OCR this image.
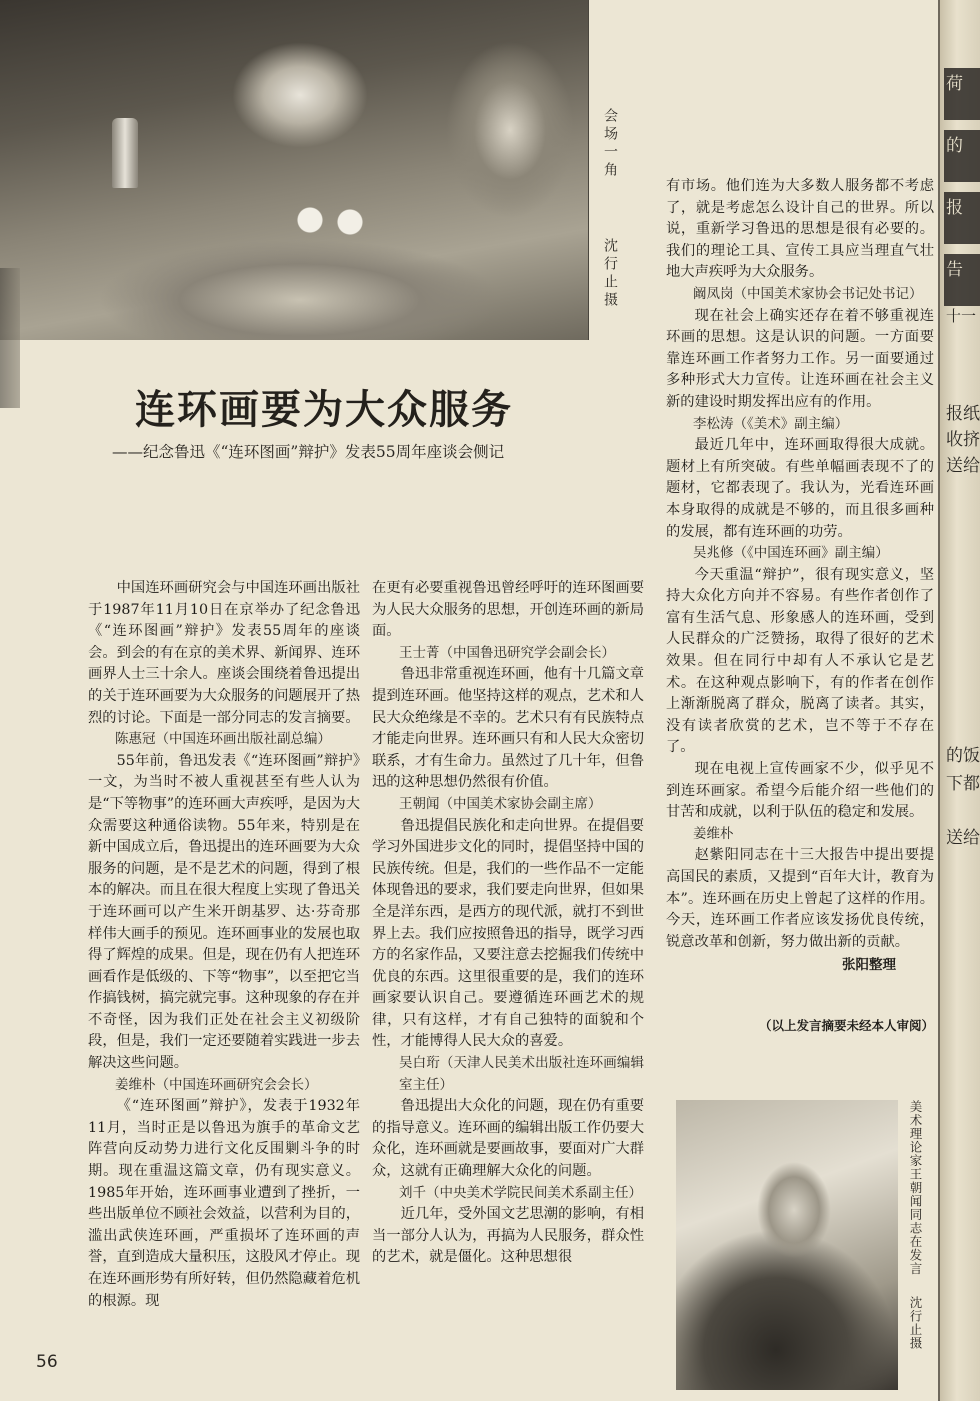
会场一角
沈行止摄
连环画要为大众服务
——纪念鲁迅《“连环图画”辩护》发表55周年座谈会侧记

中国连环画研究会与中国连环画出版社于1987年11月10日在京举办了纪念鲁迅《“连环图画”辩护》发表55周年的座谈会。到会的有在京的美术界、新闻界、连环画界人士三十余人。座谈会围绕着鲁迅提出的关于连环画要为大众服务的问题展开了热烈的讨论。下面是一部分同志的发言摘要。

陈惠冠（中国连环画出版社副总编）

55年前，鲁迅发表《“连环图画”辩护》一文，为当时不被人重视甚至有些人认为是“下等物事”的连环画大声疾呼，是因为大众需要这种通俗读物。55年来，特别是在新中国成立后，鲁迅提出的连环画要为大众服务的问题，是不是艺术的问题，得到了根本的解决。而且在很大程度上实现了鲁迅关于连环画可以产生米开朗基罗、达·芬奇那样伟大画手的预见。连环画事业的发展也取得了辉煌的成果。但是，现在仍有人把连环画看作是低级的、下等“物事”，以至把它当作搞钱树，搞完就完事。这种现象的存在并不奇怪，因为我们正处在社会主义初级阶段，但是，我们一定还要随着实践进一步去解决这些问题。

姜维朴（中国连环画研究会会长）

《“连环图画”辩护》，发表于1932年11月，当时正是以鲁迅为旗手的革命文艺阵营向反动势力进行文化反围剿斗争的时期。现在重温这篇文章，仍有现实意义。1985年开始，连环画事业遭到了挫折，一些出版单位不顾社会效益，以营利为目的，滥出武侠连环画，严重损坏了连环画的声誉，直到造成大量积压，这股风才停止。现在连环画形势有所好转，但仍然隐藏着危机的根源。现

在更有必要重视鲁迅曾经呼吁的连环图画要为人民大众服务的思想，开创连环画的新局面。

王士菁（中国鲁迅研究学会副会长）

鲁迅非常重视连环画，他有十几篇文章提到连环画。他坚持这样的观点，艺术和人民大众绝缘是不幸的。艺术只有有民族特点才能走向世界。连环画只有和人民大众密切联系，才有生命力。虽然过了几十年，但鲁迅的这种思想仍然很有价值。

王朝闻（中国美术家协会副主席）

鲁迅提倡民族化和走向世界。在提倡要学习外国进步文化的同时，提倡坚持中国的民族传统。但是，我们的一些作品不一定能体现鲁迅的要求，我们要走向世界，但如果全是洋东西，是西方的现代派，就打不到世界上去。我们应按照鲁迅的指导，既学习西方的名家作品，又要注意去挖掘我们传统中优良的东西。这里很重要的是，我们的连环画家要认识自己。要遵循连环画艺术的规律，只有这样，才有自己独特的面貌和个性，才能博得人民大众的喜爱。

吴白珩（天津人民美术出版社连环画编辑室主任）

鲁迅提出大众化的问题，现在仍有重要的指导意义。连环画的编辑出版工作仍要大众化，连环画就是要画故事，要面对广大群众，这就有正确理解大众化的问题。

刘千（中央美术学院民间美术系副主任）

近几年，受外国文艺思潮的影响，有相当一部分人认为，再搞为人民服务，群众性的艺术，就是僵化。这种思想很

有市场。他们连为大多数人服务都不考虑了，就是考虑怎么设计自己的世界。所以说，重新学习鲁迅的思想是很有必要的。我们的理论工具、宣传工具应当理直气壮地大声疾呼为大众服务。

阚凤岗（中国美术家协会书记处书记）

现在社会上确实还存在着不够重视连环画的思想。这是认识的问题。一方面要靠连环画工作者努力工作。另一面要通过多种形式大力宣传。让连环画在社会主义新的建设时期发挥出应有的作用。

李松涛（《美术》副主编）

最近几年中，连环画取得很大成就。题材上有所突破。有些单幅画表现不了的题材，它都表现了。我认为，光看连环画本身取得的成就是不够的，而且很多画种的发展，都有连环画的功劳。

吴兆修（《中国连环画》副主编）

今天重温“辩护”，很有现实意义，坚持大众化方向并不容易。有些作者创作了富有生活气息、形象感人的连环画，受到人民群众的广泛赞扬，取得了很好的艺术效果。但在同行中却有人不承认它是艺术。在这种观点影响下，有的作者在创作上渐渐脱离了群众，脱离了读者。其实，没有读者欣赏的艺术，岂不等于不存在了。

现在电视上宣传画家不少，似乎见不到连环画家。希望今后能介绍一些他们的甘苦和成就，以利于队伍的稳定和发展。

姜维朴

赵紫阳同志在十三大报告中提出要提高国民的素质，又提到“百年大计，教育为本”。连环画在历史上曾起了这样的作用。今天，连环画工作者应该发扬优良传统，锐意改革和创新，努力做出新的贡献。

张阳整理

（以上发言摘要未经本人审阅）

美术理论家王朝闻同志在发言
沈行止摄
56
荷
的
报
告
十一
报纸
收挤
送给
的饭
下都
送给
